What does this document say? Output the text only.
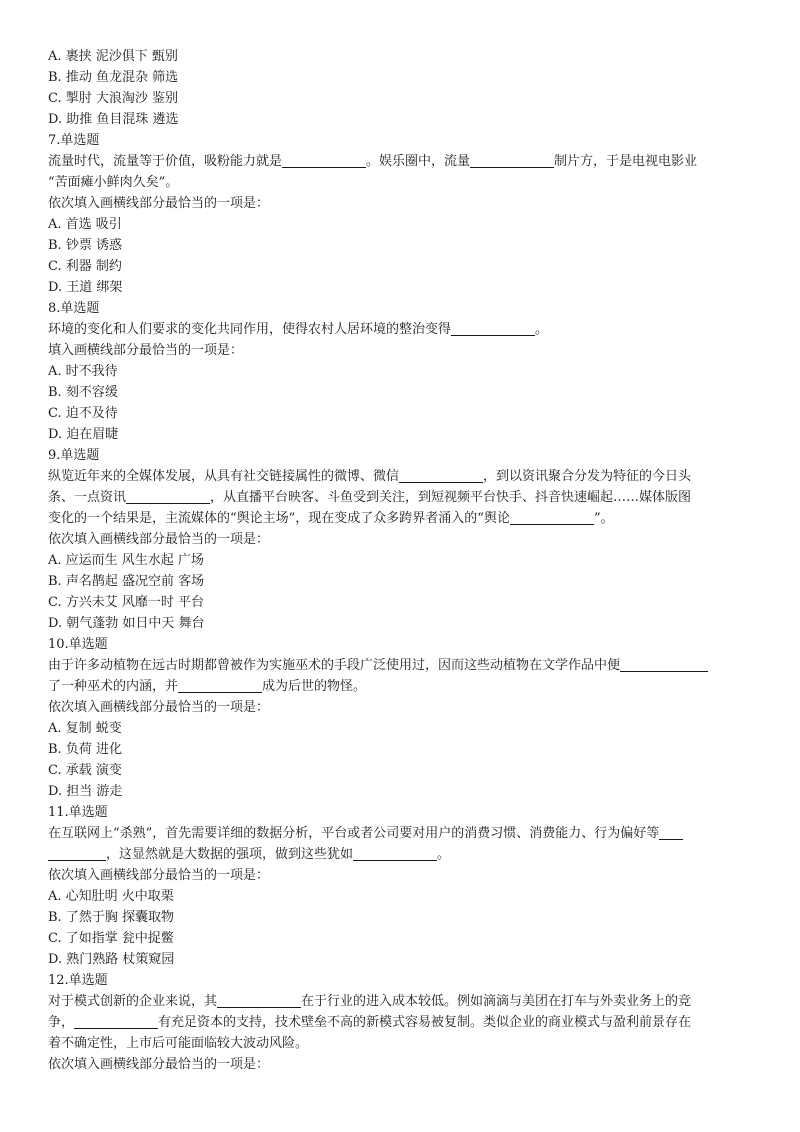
A. 裹挟 泥沙俱下 甄别
B. 推动 鱼龙混杂 筛选
C. 掣肘 大浪淘沙 鉴别
D. 助推 鱼目混珠 遴选
7.单选题
流量时代，流量等于价值，吸粉能力就是	。娱乐圈中，流量	制片方，于是电视电影业
“苦面瘫小鲜肉久矣”。
依次填入画横线部分最恰当的一项是：
A. 首选 吸引
B. 钞票 诱惑
C. 利器 制约
D. 王道 绑架
8.单选题
环境的变化和人们要求的变化共同作用，使得农村人居环境的整治变得	。
填入画横线部分最恰当的一项是：
A. 时不我待
B. 刻不容缓
C. 迫不及待
D. 迫在眉睫
9.单选题
纵览近年来的全媒体发展，从具有社交链接属性的微博、微信	，到以资讯聚合分发为特征的今日头
条、一点资讯	，从直播平台映客、斗鱼受到关注，到短视频平台快手、抖音快速崛起……媒体版图
变化的一个结果是，主流媒体的“舆论主场”，现在变成了众多跨界者涌入的“舆论	”。
依次填入画横线部分最恰当的一项是：
A. 应运而生 风生水起 广场
B. 声名鹊起 盛况空前 客场
C. 方兴未艾 风靡一时 平台
D. 朝气蓬勃 如日中天 舞台
10.单选题
由于许多动植物在远古时期都曾被作为实施巫术的手段广泛使用过，因而这些动植物在文学作品中便
了一种巫术的内涵，并	成为后世的物怪。
依次填入画横线部分最恰当的一项是：
A. 复制 蜕变
B. 负荷 进化
C. 承载 演变
D. 担当 游走
11.单选题
在互联网上“杀熟”，首先需要详细的数据分析，平台或者公司要对用户的消费习惯、消费能力、行为偏好等
，这显然就是大数据的强项，做到这些犹如	。
依次填入画横线部分最恰当的一项是：
A. 心知肚明 火中取栗
B. 了然于胸 探囊取物
C. 了如指掌 瓮中捉鳖
D. 熟门熟路 杖策窥园
12.单选题
对于模式创新的企业来说，其	在于行业的进入成本较低。例如滴滴与美团在打车与外卖业务上的竞
争，	有充足资本的支持，技术壁垒不高的新模式容易被复制。类似企业的商业模式与盈利前景存在
着不确定性，上市后可能面临较大波动风险。
依次填入画横线部分最恰当的一项是：
